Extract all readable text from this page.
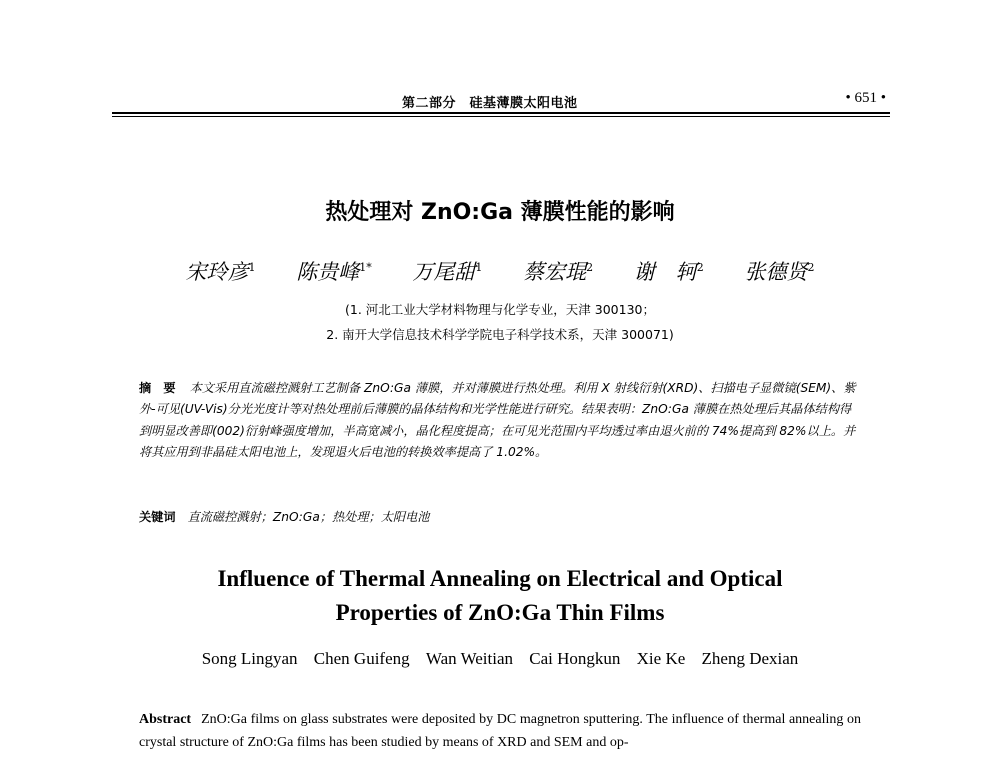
第二部分　硅基薄膜太阳电池	• 651 •
热处理对 ZnO:Ga 薄膜性能的影响
宋玲彦$^1$ 陈贵峰$^{1*}$ 万尾甜$^1$ 蔡宏琨$^2$ 谢　轲$^2$ 张德贤$^2$
(1. 河北工业大学材料物理与化学专业，天津 300130；
2. 南开大学信息技术科学学院电子科学技术系，天津 300071)
摘　要 本文采用直流磁控溅射工艺制备 ZnO:Ga 薄膜，并对薄膜进行热处理。利用 X 射线衍射(XRD)、扫描电子显微镜(SEM)、紫外-可见(UV-Vis)分光光度计等对热处理前后薄膜的晶体结构和光学性能进行研究。结果表明：ZnO:Ga 薄膜在热处理后其晶体结构得到明显改善即(002)衍射峰强度增加，半高宽减小，晶化程度提高；在可见光范围内平均透过率由退火前的 74%提高到 82%以上。并将其应用到非晶硅太阳电池上，发现退火后电池的转换效率提高了 1.02%。
关键词 直流磁控溅射；ZnO:Ga；热处理；太阳电池
Influence of Thermal Annealing on Electrical and Optical
Properties of ZnO:Ga Thin Films
Song Lingyan Chen Guifeng Wan Weitian Cai Hongkun Xie Ke Zheng Dexian
Abstract ZnO:Ga films on glass substrates were deposited by DC magnetron sputtering. The influence of thermal annealing on crystal structure of ZnO:Ga films has been studied by means of XRD and SEM and op-
